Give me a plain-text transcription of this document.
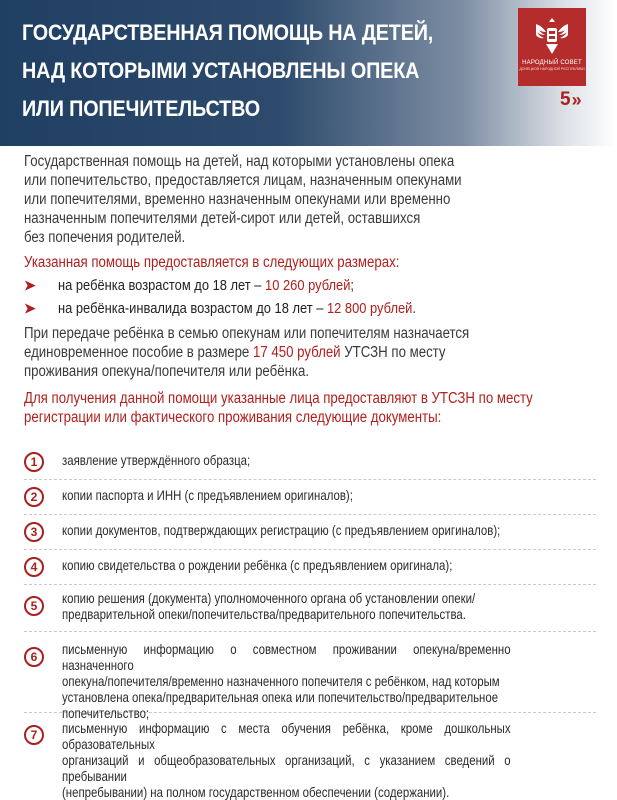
ГОСУДАРСТВЕННАЯ ПОМОЩЬ НА ДЕТЕЙ,
НАД КОТОРЫМИ УСТАНОВЛЕНЫ ОПЕКА
ИЛИ ПОПЕЧИТЕЛЬСТВО
НАРОДНЫЙ СОВЕТ
ДОНЕЦКОЙ НАРОДНОЙ РЕСПУБЛИКИ
5 »
Государственная помощь на детей, над которыми установлены опека
или попечительство, предоставляется лицам, назначенным опекунами
или попечителями, временно назначенным опекунами или временно
назначенным попечителями детей-сирот или детей, оставшихся
без попечения родителей.
Указанная помощь предоставляется в следующих размерах:
➤	на ребёнка возрастом до 18 лет – 10 260 рублей;
➤	на ребёнка-инвалида возрастом до 18 лет – 12 800 рублей.
При передаче ребёнка в семью опекунам или попечителям назначается
единовременное пособие в размере 17 450 рублей УТСЗН по месту
проживания опекуна/попечителя или ребёнка.
Для получения данной помощи указанные лица предоставляют в УТСЗН по месту
регистрации или фактического проживания следующие документы:
1	заявление утверждённого образца;
2	копии паспорта и ИНН (с предъявлением оригиналов);
3	копии документов, подтверждающих регистрацию (с предъявлением оригиналов);
4	копию свидетельства о рождении ребёнка (с предъявлением оригинала);
5	копию решения (документа) уполномоченного органа об установлении опеки/
предварительной опеки/попечительства/предварительного попечительства.
6	письменную информацию о совместном проживании опекуна/временно назначенного
опекуна/попечителя/временно назначенного попечителя с ребёнком, над которым
установлена опека/предварительная опека или попечительство/предварительное
попечительство;
7	письменную информацию с места обучения ребёнка, кроме дошкольных образовательных
организаций и общеобразовательных организаций, с указанием сведений о пребывании
(непребывании) на полном государственном обеспечении (содержании).
